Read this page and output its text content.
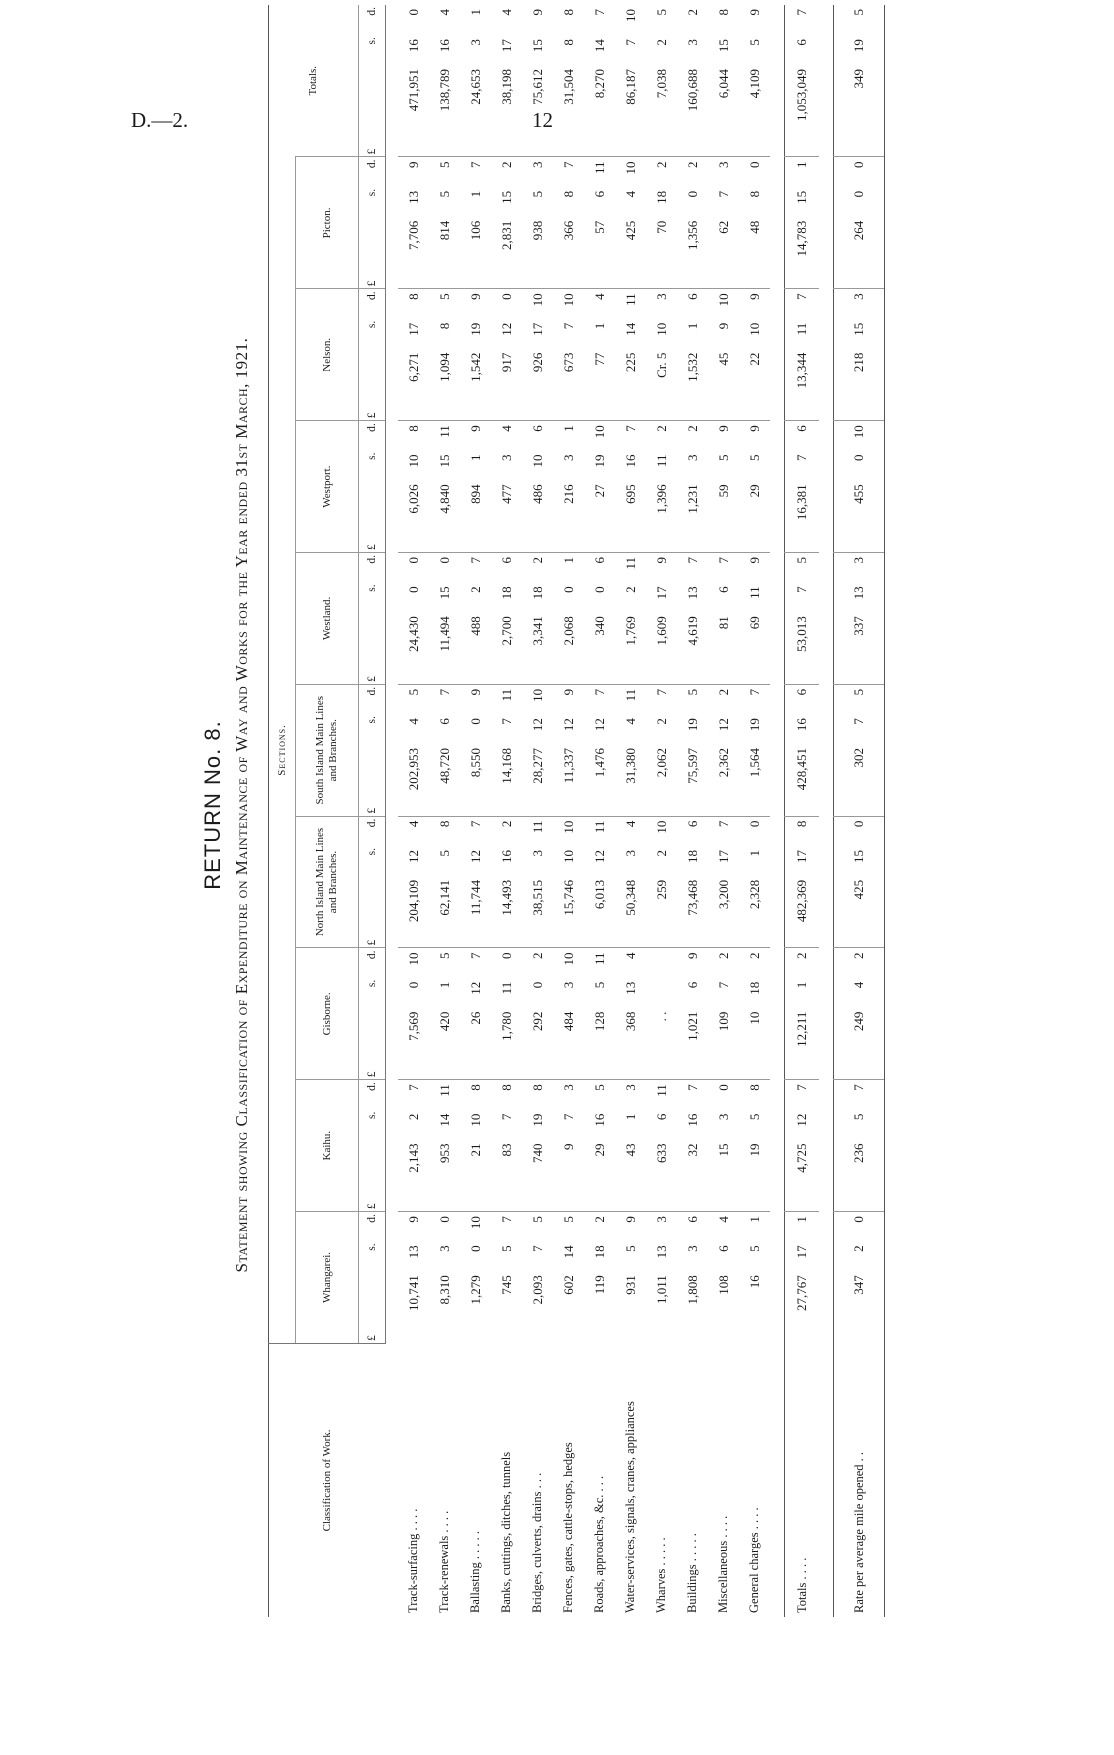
D.—2.	12
RETURN No. 8. Statement showing Classification of Expenditure on Maintenance of Way and Works for the Year ended 31st March, 1921.
Classification of Work.	Sections.																											Totals.		
	Whangarei.			Kaihu.			Gisborne.			North Island Main Lines and Branches.			South Island Main Lines and Branches.			Westland.			Westport.			Nelson.			Picton.					
	£	s.	d.	£	s.	d.	£	s.	d.	£	s.	d.	£	s.	d.	£	s.	d.	£	s.	d.	£	s.	d.	£	s.	d.	£	s.	d.

Track-surfacing . . . .	10,741	13	9	2,143	2	7	7,569	0	10	204,109	12	4	202,953	4	5	24,430	0	0	6,026	10	8	6,271	17	8	7,706	13	9	471,951	16	0
Track-renewals . . . .	8,310	3	0	953	14	11	420	1	5	62,141	5	8	48,720	6	7	11,494	15	0	4,840	15	11	1,094	8	5	814	5	5	138,789	16	4
Ballasting . . . . .	1,279	0	10	21	10	8	26	12	7	11,744	12	7	8,550	0	9	488	2	7	894	1	9	1,542	19	9	106	1	7	24,653	3	1
Banks, cuttings, ditches, tunnels	745	5	7	83	7	8	1,780	11	0	14,493	16	2	14,168	7	11	2,700	18	6	477	3	4	917	12	0	2,831	15	2	38,198	17	4
Bridges, culverts, drains . . .	2,093	7	5	740	19	8	292	0	2	38,515	3	11	28,277	12	10	3,341	18	2	486	10	6	926	17	10	938	5	3	75,612	15	9
Fences, gates, cattle-stops, hedges	602	14	5	9	7	3	484	3	10	15,746	10	10	11,337	12	9	2,068	0	1	216	3	1	673	7	10	366	8	7	31,504	8	8
Roads, approaches, &c. . . .	119	18	2	29	16	5	128	5	11	6,013	12	11	1,476	12	7	340	0	6	27	19	10	77	1	4	57	6	11	8,270	14	7
Water-services, signals, cranes, appliances	931	5	9	43	1	3	368	13	4	50,348	3	4	31,380	4	11	1,769	2	11	695	16	7	225	14	11	425	4	10	86,187	7	10
Wharves . . . . .	1,011	13	3	633	6	11	. .			259	2	10	2,062	2	7	1,609	17	9	1,396	11	2	Cr. 5	10	3	70	18	2	7,038	2	5
Buildings . . . . .	1,808	3	6	32	16	7	1,021	6	9	73,468	18	6	75,597	19	5	4,619	13	7	1,231	3	2	1,532	1	6	1,356	0	2	160,688	3	2
Miscellaneous . . . .	108	6	4	15	3	0	109	7	2	3,200	17	7	2,362	12	2	81	6	7	59	5	9	45	9	10	62	7	3	6,044	15	8
General charges . . . .	16	5	1	19	5	8	10	18	2	2,328	1	0	1,564	19	7	69	11	9	29	5	9	22	10	9	48	8	0	4,109	5	9

Totals . . . .	27,767	17	1	4,725	12	7	12,211	1	2	482,369	17	8	428,451	16	6	53,013	7	5	16,381	7	6	13,344	11	7	14,783	15	1	1,053,049	6	7

Rate per average mile opened . .	347	2	0	236	5	7	249	4	2	425	15	0	302	7	5	337	13	3	455	0	10	218	15	3	264	0	0	349	19	5
